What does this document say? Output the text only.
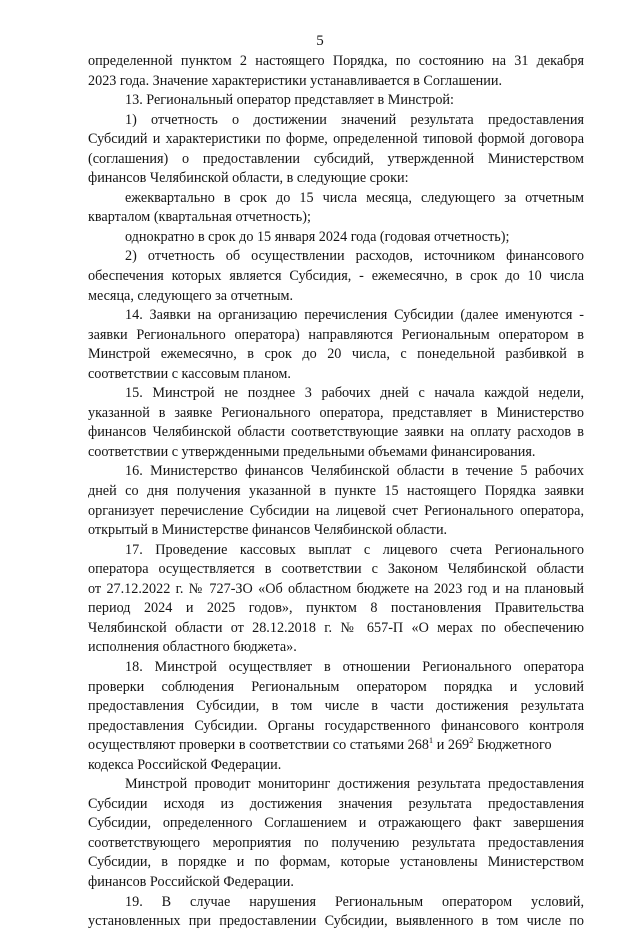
5
определенной пунктом 2 настоящего Порядка, по состоянию на 31 декабря
2023 года. Значение характеристики устанавливается в Соглашении.
13. Региональный оператор представляет в Минстрой:
1) отчетность о достижении значений результата предоставления
Субсидий и характеристики по форме, определенной типовой формой договора
(соглашения) о предоставлении субсидий, утвержденной Министерством
финансов Челябинской области, в следующие сроки:
ежеквартально в срок до 15 числа месяца, следующего за отчетным
кварталом (квартальная отчетность);
однократно в срок до 15 января 2024 года (годовая отчетность);
2) отчетность об осуществлении расходов, источником финансового
обеспечения которых является Субсидия, - ежемесячно, в срок до 10 числа
месяца, следующего за отчетным.
14. Заявки на организацию перечисления Субсидии (далее именуются -
заявки Регионального оператора) направляются Региональным оператором в
Минстрой ежемесячно, в срок до 20 числа, с понедельной разбивкой в
соответствии с кассовым планом.
15. Минстрой не позднее 3 рабочих дней с начала каждой недели,
указанной в заявке Регионального оператора, представляет в Министерство
финансов Челябинской области соответствующие заявки на оплату расходов в
соответствии с утвержденными предельными объемами финансирования.
16. Министерство финансов Челябинской области в течение 5 рабочих
дней со дня получения указанной в пункте 15 настоящего Порядка заявки
организует перечисление Субсидии на лицевой счет Регионального оператора,
открытый в Министерстве финансов Челябинской области.
17. Проведение кассовых выплат с лицевого счета Регионального
оператора осуществляется в соответствии с Законом Челябинской области
от 27.12.2022 г. № 727-ЗО «Об областном бюджете на 2023 год и на плановый
период 2024 и 2025 годов», пунктом 8 постановления Правительства
Челябинской области от 28.12.2018 г. № 657-П «О мерах по обеспечению
исполнения областного бюджета».
18. Минстрой осуществляет в отношении Регионального оператора
проверки соблюдения Региональным оператором порядка и условий
предоставления Субсидии, в том числе в части достижения результата
предоставления Субсидии. Органы государственного финансового контроля
осуществляют проверки в соответствии со статьями $268^1$ и $269^2$ Бюджетного
кодекса Российской Федерации.
Минстрой проводит мониторинг достижения результата предоставления
Субсидии исходя из достижения значения результата предоставления
Субсидии, определенного Соглашением и отражающего факт завершения
соответствующего мероприятия по получению результата предоставления
Субсидии, в порядке и по формам, которые установлены Министерством
финансов Российской Федерации.
19. В случае нарушения Региональным оператором условий,
установленных при предоставлении Субсидии, выявленного в том числе по
